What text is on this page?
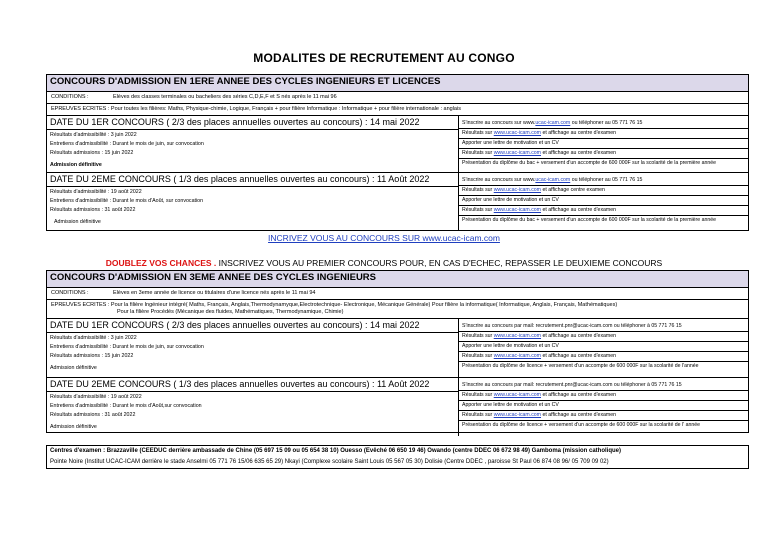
MODALITES DE RECRUTEMENT AU CONGO
CONCOURS D'ADMISSION EN 1ERE ANNEE DES CYCLES INGENIEURS ET LICENCES
CONDITIONS :	Elèves des classes terminales ou bacheliers des séries C,D,E,F et S nés après le 11 mai 96
EPREUVES ECRITES : Pour toutes les filières: Maths, Physique-chimie, Logique, Français + pour filière Informatique : Informatique + pour filière internationale : anglais
DATE DU 1ER CONCOURS ( 2/3 des places annuelles ouvertes au concours) : 14 mai 2022
Résultats d'admissibilité : 3 juin 2022
Entretiens d'admissibilité : Durant le mois de juin, sur convocation
Résultats admissions : 15 juin 2022
Admission définitive
S'inscrire au concours sur www.ucac-icam.com ou téléphoner au 05 771 76 15
Résultats sur www.ucac-icam.com et affichage au centre d'examen
Apporter une lettre de motivation et un CV
Résultats sur www.ucac-icam.com et affichage au centre d'examen
Présentation du diplôme du bac + versement d'un accompte de 600 000F sur la scolarité de la première année
DATE DU 2EME CONCOURS ( 1/3 des places annuelles ouvertes au concours) : 11 Août 2022
Résultats d'admissibilité : 19 août 2022
Entretiens d'admissibilité : Durant le mois d'Août, sur convocation
Résultats admissions : 31 août 2022
Admission définitive
S'inscrire au concours sur www.ucac-icam.com ou téléphoner au 05 771 76 15
Résultats sur www.ucac-icam.com et affichage centre examen
Apporter une lettre de motivation et un CV
Résultats sur www.ucac-icam.com et affichage au centre d'examen
Présentation du diplôme du bac + versement d'un accompte de 600 000F sur la scolarité de la première année
INCRIVEZ VOUS AU CONCOURS SUR www.ucac-icam.com
DOUBLEZ VOS CHANCES . INSCRIVEZ VOUS AU PREMIER CONCOURS POUR, EN CAS D'ECHEC, REPASSER LE DEUXIEME CONCOURS
CONCOURS D'ADMISSION EN 3EME ANNEE DES CYCLES INGENIEURS
CONDITIONS :	Elèves en 3eme année de licence ou titulaires d'une licence nés après le 11 mai 94
EPREUVES ECRITES : Pour la filière Ingénieur intégré( Maths, Français, Anglais,Thermodynamyque,Electrotechnique- Electronique, Mécanique Générale) Pour filière la informatique( Informatique, Anglais, Français, Mathématiques)
Pour la filière Procédés (Mécanique des fluides, Mathématiques, Thermodynamique, Chimie)
DATE DU 1ER CONCOURS ( 2/3 des places annuelles ouvertes au concours) : 14 mai 2022
Résultats d'admissibilité : 3 juin 2022
Entretiens d'admissibilité : Durant le mois de juin, sur convocation
Résultats admissions : 15 juin 2022
Admission définitive
S'inscrire au concours par mail: recrutement.pnr@ucac-icam.com ou téléphoner à 05 771 76 15
Résultats sur www.ucac-icam.com et affichage au centre d'examen
Apporter une lettre de motivation et un CV
Résultats sur www.ucac-icam.com et affichage au centre d'examen
Présentation du diplôme de licence + versement d'un accompte de 600 000F sur la scolarité de l'année
DATE DU 2EME CONCOURS ( 1/3 des places annuelles ouvertes au concours) : 11 Août 2022
Résultats d'admissibilité : 19 août 2022
Entretiens d'admissibilité : Durant le mois d'Août,sur convocation
Résultats admissions : 31 août 2022
Admission définitive
S'inscrire au concours par mail: recrutement.pnr@ucac-icam.com ou téléphoner à 05 771 76 15
Résultats sur www.ucac-icam.com et affichage au centre d'examen
Apporter une lettre de motivation et un CV
Résultats sur www.ucac-icam.com et affichage au centre d'examen
Présentation du diplôme de licence + versement d'un accompte de 600 000F sur la scolarité de l' année
Centres d'examen : Brazzaville (CEEDUC derrière ambassade de Chine (05 697 15 09 ou 05 654 38 10) Ouesso (Evêché 06 650 19 46) Owando (centre DDEC 06 672 98 49) Gamboma (mission catholique)
Pointe Noire (Institut UCAC-ICAM derrière le stade Anselmi 05 771 76 15/06 635 65 29) Nkayi (Complexe scolaire Saint Louis 05 567 05 30) Dolisie (Centre DDEC , paroisse St Paul 06 874 08 96/ 05 709 09 02)
